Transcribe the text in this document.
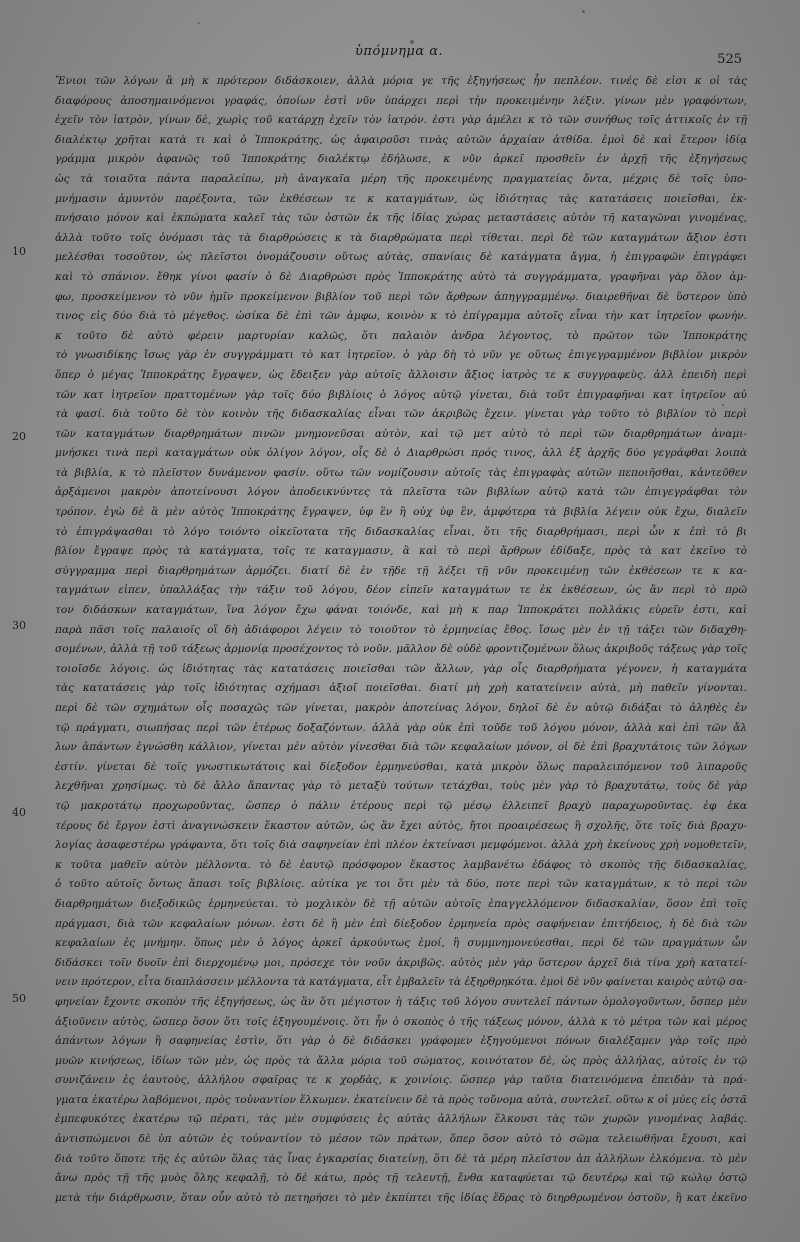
ὑπόμνημα α.
525
10
20
30
40
50
Ἔνιοι τῶν λόγων ἃ μὴ κ πρότερον διδάσκοιεν, ἀλλὰ μόρια γε τῆς ἐξηγήσεως ἦν πεπλέον. τινές δὲ εἰσι κ οἱ τὰς
διαφόρους ἀποσημαινόμενοι γραφάς, ὁποίων ἐστὶ νῦν ὑπάρχει περὶ τὴν προκειμένην λέξιν. γίνων μὲν γραφόντων,
ἐχεῖν τὸν ἰατρὸν, γίνων δὲ, χωρὶς τοῦ κατάρχῃ ἐχεῖν τὸν ἰατρόν. ἐστι γὰρ ἀμέλει κ τὸ τῶν συνήθως τοῖς ἀττικοῖς ἐν τῇ
διαλέκτῳ χρῆται κατὰ τι καὶ ὁ Ἱπποκράτης, ὡς ἀφαιροῦσι τινὰς αὐτῶν ἀρχαίαν ἀτθίδα. ἐμοὶ δὲ καὶ ἕτερον ἰδίᾳ
γράμμα μικρὸν ἀφανῶς τοῦ Ἱπποκράτης διαλέκτῳ ἐδήλωσε, κ νῦν ἀρκεῖ προσθεῖν ἐν ἀρχῇ τῆς ἐξηγήσεως
ὡς τὰ τοιαῦτα πάντα παραλείπω, μὴ ἀναγκαῖα μέρη τῆς προκειμένης πραγματείας ὄντα, μέχρις δὲ τοῖς ὑπο-
μνήμασιν ἀμυντὸν παρέξοντα, τῶν ἐκθέσεων τε κ καταγμάτων, ὡς ἰδιότητας τὰς κατατάσεις ποιεῖσθαι, ἐκ-
πνήσαιο μόνον καὶ ἐκπώματα καλεῖ τὰς τῶν ὀστῶν ἐκ τῆς ἰδίας χώρας μεταστάσεις αὐτὸν τῆ καταγῶναι γινομένας,
ἀλλὰ τοῦτο τοῖς ὀνόμασι τὰς τὰ διαρθρώσεις κ τὰ διαρθρώματα περὶ τίθεται. περὶ δὲ τῶν καταγμάτων ἄξιον ἐστι
μελέσθαι τοσοῦτον, ὡς πλεῖστοι ὀνομάζουσιν οὕτως αὐτὰς, σπανίαις δὲ κατάγματα ἄγμα, ἡ ἐπιγραφῶν ἐπιγράφει
καὶ τὸ σπάνιον. ἔθηκ γίνοι φασίν ὁ δὲ Διαρθρώσι πρὸς Ἱπποκράτης αὐτὸ τὰ συγγράμματα, γραφῆναι γὰρ ὅλον ἀμ-
φω, προσκείμενον τὸ νῦν ἡμῖν προκείμενον βιβλίον τοῦ περὶ τῶν ἄρθρων ἀπηγγραμμένῳ. διαιρεθῆναι δὲ ὕστερον ὑπὸ
τινος εἰς δύο διὰ τὸ μέγεθος. ὡσίκα δὲ ἐπὶ τῶν ἀμφω, κοινὸν κ τὸ ἐπίγραμμα αὐτοῖς εἶναι τὴν κατ ἰητρεῖον φωνήν.
κ τοῦτο δὲ αὐτὸ φέρειν μαρτυρίαν καλῶς, ὅτι παλαιὸν ἀνδρα λέγοντος, τὸ πρῶτον τῶν Ἱπποκράτης
τὸ γνωσιδίκης ἴσως γὰρ ἐν συγγράμματι τὸ κατ ἰητρεῖον. ὁ γὰρ δὴ τὸ νῦν γε οὕτως ἐπιγεγραμμένον βιβλίον μικρὸν
ὅπερ ὁ μέγας Ἱπποκράτης ἔγραψεν, ὡς ἔδειξεν γὰρ αὐτοῖς ἄλλοισιν ἄξιος ἰατρὸς τε κ συγγραφεὺς. ἀλλ ἐπειδὴ περὶ
τῶν κατ ἰητρεῖον πραττομένων γὰρ τοῖς δύο βιβλίοις ὁ λόγος αὐτῷ γίνεται, διὰ τοῦτ ἐπιγραφῆναι κατ ἰητρεῖον αὐ
τὰ φασί. διὰ τοῦτο δὲ τὸν κοινὸν τῆς διδασκαλίας εἶναι τῶν ἀκριβῶς ἔχειν. γίνεται γὰρ τοῦτο τὸ βιβλίον τὸ περὶ
τῶν καταγμάτων διαρθρημάτων πινῶν μνημονεῦσαι αὐτὸν, καὶ τῷ μετ αὐτὸ τὸ περὶ τῶν διαρθρημάτων ἀναμι-
μνήσκει τινὰ περὶ καταγμάτων οὐκ ὀλίγον λόγον, οἷς δὲ ὁ Διαρθρώσι πρός τινος, ἀλλ ἐξ ἀρχῆς δύο γεγράφθαι λοιπὰ
τὰ βιβλία, κ τὸ πλεῖστον δυνάμενον φασίν. οὕτω τῶν νομίζουσιν αὐτοῖς τὰς ἐπιγραφὰς αὐτῶν πεποιῆσθαι, κἀντεῦθεν
ἀρξάμενοι μακρὸν ἀποτείνουσι λόγον ἀποδεικνύντες τὰ πλεῖστα τῶν βιβλίων αὐτῷ κατὰ τῶν ἐπιγεγράφθαι τὸν
τρόπον. ἐγὼ δὲ ἃ μὲν αὐτὸς Ἱπποκράτης ἔγραψεν, ὑφ ἓν ἢ οὐχ ὑφ ἓν, ἀμφότερα τὰ βιβλία λέγειν οὐκ ἔχω, διαλεῖν
τὸ ἐπιγράψασθαι τὸ λόγο τοιόντο οἰκεῖοτατα τῆς διδασκαλίας εἶναι, ὅτι τῆς διαρθρήμασι, περὶ ὧν κ ἐπὶ τὸ βι
βλίον ἔγραψε πρὸς τὰ κατάγματα, τοῖς τε καταγμασιν, ἃ καὶ τὸ περὶ ἄρθρων ἐδίδαξε, πρὸς τὰ κατ ἐκεῖνο τὸ
σύγγραμμα περὶ διαρθρημάτων ἁρμόζει. διατί δὲ ἐν τῇδε τῇ λέξει τῇ νῦν προκειμένῃ τῶν ἐκθέσεων τε κ κα-
ταγμάτων εἰπεν, ὑπαλλάξας τὴν τάξιν τοῦ λόγου, δέον εἰπεῖν καταγμάτων τε ἐκ ἐκθέσεων, ὡς ἂν περὶ τὸ πρῶ
τον διδάσκων καταγμάτων, ἵνα λόγον ἔχω φάναι τοιόνδε, καὶ μὴ κ παρ Ἱπποκράτει πολλάκις εὑρεῖν ἐστι, καὶ
παρὰ πᾶσι τοῖς παλαιοῖς οἳ δὴ ἀδιάφοροι λέγειν τὸ τοιοῦτον τὸ ἑρμηνείας ἔθος. ἴσως μὲν ἐν τῇ τάξει τῶν διδαχθη-
σομένων, ἀλλὰ τῇ τοῦ τάξεως ἁρμονίᾳ προσέχοντος τὸ νοῦν. μᾶλλον δὲ οὐδὲ φροντιζομένων ὅλως ἀκριβοῦς τάξεως γὰρ τοῖς
τοιοῖσδε λόγοις. ὡς ἰδιότητας τὰς κατατάσεις ποιεῖσθαι τῶν ἄλλων, γὰρ οἷς διαρθρήματα γέγονεν, ἡ καταγμάτα
τὰς κατατάσεις γὰρ τοῖς ἰδιότητας σχήμασι ἀξιοῖ ποιεῖσθαι. διατί μὴ χρὴ κατατείνειν αὐτὰ, μὴ παθεῖν γίνονται.
περὶ δὲ τῶν σχημάτων οἷς ποσαχῶς τῶν γίνεται, μακρὸν ἀποτείνας λόγον, δηλοῖ δὲ ἐν αὐτῷ διδάξαι τὸ ἀληθὲς ἐν
τῷ πράγματι, σιωπήσας περὶ τῶν ἑτέρως δοξαζόντων. ἀλλὰ γὰρ οὐκ ἐπὶ τοῦδε τοῦ λόγου μόνον, ἀλλὰ καὶ ἐπὶ τῶν ἄλ
λων ἁπάντων ἐγνώσθη κάλλιον, γίνεται μὲν αὐτὸν γίνεσθαι διὰ τῶν κεφαλαίων μόνον, οἱ δὲ ἐπὶ βραχυτάτοις τῶν λόγων
ἐστίν. γίνεται δὲ τοῖς γνωστικωτάτοις καὶ δίεξοδον ἑρμηνεύσθαι, κατὰ μικρὸν ὅλως παραλειπόμενον τοῦ λιπαροῦς
λεχθῆναι χρησίμως. τὸ δὲ ἄλλο ἅπαντας γὰρ τὸ μεταξὺ τούτων τετάχθαι, τοὺς μὲν γὰρ τὸ βραχυτάτῳ, τοὺς δὲ γὰρ
τῷ μακροτάτῳ προχωροῦντας, ὥσπερ ὁ πάλιν ἑτέρους περὶ τῷ μέσῳ ἐλλειπεῖ βραχὺ παραχωροῦντας. ἐφ ἑκα
τέρους δὲ ἔργον ἐστὶ ἀναγινώσκειν ἕκαστον αὐτῶν, ὡς ἂν ἔχει αὐτὸς, ἤτοι προαιρέσεως ἢ σχολῆς, ὅτε τοῖς διὰ βραχυ-
λογίας ἀσαφεστέρω γράφαντα, ὅτι τοῖς διὰ σαφηνείαν ἐπὶ πλέον ἐκτείνασι μεμφόμενοι. ἀλλὰ χρὴ ἐκείνους χρὴ νομοθετεῖν,
κ τοῦτα μαθεῖν αὐτὸν μέλλοντα. τὸ δὲ ἑαυτῷ πρόσφορον ἕκαστος λαμβανέτω ἐδάφος τὸ σκοπὸς τῆς διδασκαλίας,
ὁ τοῦτο αὐτοῖς ὄντως ἅπασι τοῖς βιβλίοις. αὐτίκα γε τοι ὅτι μὲν τὰ δύο, ποτε περὶ τῶν καταγμάτων, κ τὸ περὶ τῶν
διαρθρημάτων διεξοδικῶς ἑρμηνεύεται. τὸ μοχλικὸν δὲ τῇ αὐτῶν αὐτοῖς ἐπαγγελλόμενον διδασκαλίαν, ὅσον ἐπὶ τοῖς
πράγμασι, διὰ τῶν κεφαλαίων μόνων. ἐστι δὲ ἢ μὲν ἐπὶ δίεξοδον ἑρμηνεία πρὸς σαφήνειαν ἐπιτήδειος, ἡ δὲ διὰ τῶν
κεφαλαίων ἐς μνήμην. ὅπως μὲν ὁ λόγος ἀρκεῖ ἀρκούντως ἐμοί, ἢ συμμνημονεύεσθαι, περὶ δὲ τῶν πραγμάτων ὧν
διδάσκει τοῖν δυοῖν ἐπὶ διερχομένῳ μοι, πρόσεχε τὸν νοῦν ἀκριβῶς. αὐτὸς μὲν γὰρ ὕστερον ἀρχεῖ διὰ τίνα χρὴ κατατεί-
νειν πρότερον, εἶτα διαπλάσσειν μέλλοντα τὰ κατάγματα, εἶτ ἐμβαλεῖν τὰ ἐξηρθρηκότα. ἐμοὶ δὲ νῦν φαίνεται καιρὸς αὐτῷ σα-
φηνείαν ἔχοντε σκοπὸν τῆς ἐξηγήσεως, ὡς ἂν ὅτι μέγιστον ἡ τάξις τοῦ λόγου συντελεῖ πάντων ὁμολογοῦντων, ὅσπερ μὲν
ἀξιοῦνειν αὐτὸς, ὥσπερ ὅσον ὅτι τοῖς ἐξηγουμένοις. ὅτι ἦν ὁ σκοπὸς ὁ τῆς τάξεως μόνον, ἀλλὰ κ τὸ μέτρα τῶν καὶ μέρος
ἀπάντων λόγων ἢ σαφηνείας ἐστὶν, ὅτι γὰρ ὁ δὲ διδάσκει γράφομεν ἐξηγούμενοι πόνων διαλέξαμεν γὰρ τοῖς πρὸ
μυῶν κινήσεως, ἰδίων τῶν μὲν, ὡς πρὸς τὰ ἄλλα μόρια τοῦ σώματος, κοινότατον δὲ, ὡς πρὸς ἀλλήλας, αὐτοῖς ἐν τῷ
συνιζάνειν ἐς ἑαυτοὺς, ἀλλήλου σφαῖρας τε κ χορδὰς, κ χοινίοις. ὥσπερ γὰρ ταῦτα διατεινόμενα ἐπειδὰν τὰ πρά-
γματα ἑκατέρω λαβόμενοι, πρὸς τοὐναντίον ἕλκωμεν. ἐκατείνειν δὲ τὰ πρὸς τοὔνομα αὐτὰ, συντελεῖ. οὕτω κ οἱ μύες εἰς ὀστᾶ
ἐμπεφυκότες ἑκατέρω τῷ πέρατι, τὰς μὲν συμφύσεις ἐς αὐτὰς ἀλλήλων ἕλκουσι τὰς τῶν χωρῶν γινομένας λαβάς.
ἀντισπώμενοι δὲ ὑπ αὐτῶν ἐς τοὐναντίον τὸ μέσον τῶν πράτων, ὅπερ ὅσον αὐτὸ τὸ σῶμα τελειωθῆναι ἔχουσι, καὶ
διὰ τοῦτο ὅποτε τῆς ἐς αὐτῶν ὅλας τὰς ἶνας ἐγκαρσίας διατείνῃ, ὅτι δὲ τὰ μέρη πλεῖστον ἀπ ἀλλήλων ἑλκόμενα. τὸ μὲν
ἄνω πρὸς τῇ τῆς μυὸς ὅλης κεφαλῇ, τὸ δὲ κάτω, πρὸς τῇ τελευτῇ, ἔνθα καταφύεται τῷ δευτέρῳ καὶ τῷ κώλῳ ὀστῷ
μετὰ τὴν διάρθρωσιν, ὅταν οὖν αὐτὸ τὸ πετηρήσει τὸ μὲν ἐκπίπτει τῆς ἰδίας ἕδρας τὸ διηρθρωμένον ὀστοῦν, ἢ κατ ἐκεῖνο
